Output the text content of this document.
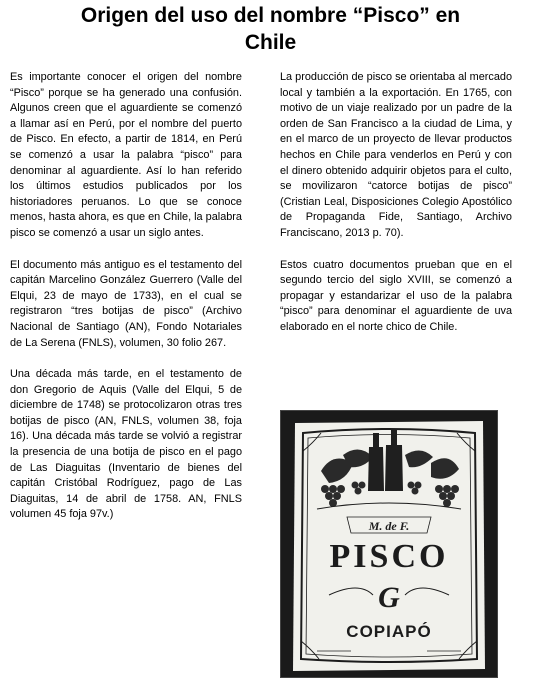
Origen del uso del nombre “Pisco” en
Chile

Es importante conocer el origen del nombre “Pisco” porque se ha generado una confusión. Algunos creen que el aguardiente se comenzó a llamar así en Perú, por el nombre del puerto de Pisco. En efecto, a partir de 1814, en Perú se comenzó a usar la palabra “pisco” para denominar al aguardiente. Así lo han referido los últimos estudios publicados por los historiadores peruanos. Lo que se conoce menos, hasta ahora, es que en Chile, la palabra pisco se comenzó a usar un siglo antes.

El documento más antiguo es el testamento del capitán Marcelino González Guerrero (Valle del Elqui, 23 de mayo de 1733), en el cual se registraron “tres botijas de pisco” (Archivo Nacional de Santiago (AN), Fondo Notariales de La Serena (FNLS), volumen, 30 folio 267.

Una década más tarde, en el testamento de don Gregorio de Aquis (Valle del Elqui, 5 de diciembre de 1748) se protocolizaron otras tres botijas de pisco (AN, FNLS, volumen 38, foja 16). Una década más tarde se volvió a registrar la presencia de una botija de pisco en el pago de Las Diaguitas (Inventario de bienes del capitán Cristóbal Rodríguez, pago de Las Diaguitas, 14 de abril de 1758. AN, FNLS volumen 45 foja 97v.)

La producción de pisco se orientaba al mercado local y también a la exportación. En 1765, con motivo de un viaje realizado por un padre de la orden de San Francisco a la ciudad de Lima, y en el marco de un proyecto de llevar productos hechos en Chile para venderlos en Perú y con el dinero obtenido adquirir objetos para el culto, se movilizaron “catorce botijas de pisco” (Cristian Leal, Disposiciones Colegio Apostólico de Propaganda Fide, Santiago, Archivo Franciscano, 2013 p. 70).

Estos cuatro documentos prueban que en el segundo tercio del siglo XVIII, se comenzó a propagar y estandarizar el uso de la palabra “pisco” para denominar el aguardiente de uva elaborado en el norte chico de Chile.

M. de F.
PISCO
G
COPIAPÓ
